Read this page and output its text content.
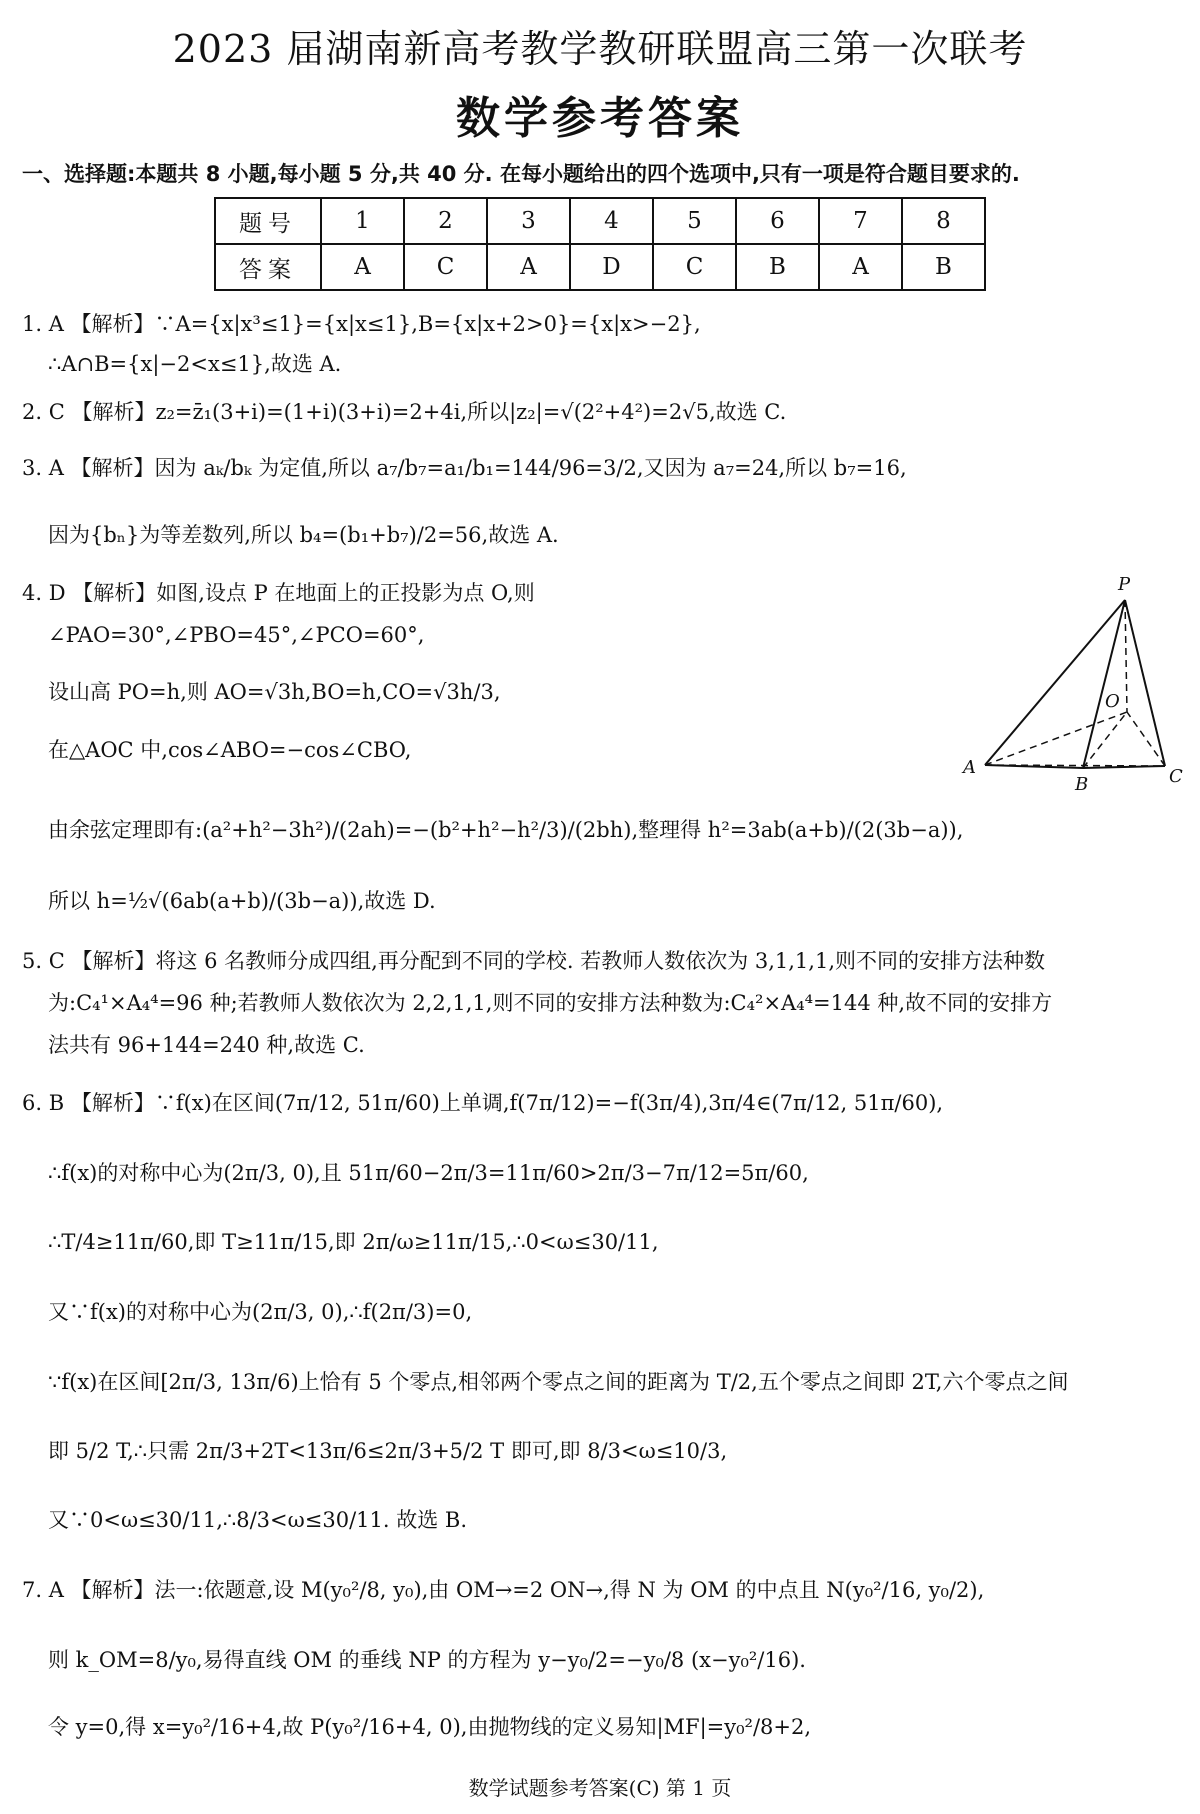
2023 届湖南新高考教学教研联盟高三第一次联考
数学参考答案
一、选择题:本题共 8 小题,每小题 5 分,共 40 分. 在每小题给出的四个选项中,只有一项是符合题目要求的.
题号	1	2	3	4	5	6	7	8
答案	A	C	A	D	C	B	A	B
1. A 【解析】∵A={x|x³≤1}={x|x≤1},B={x|x+2>0}={x|x>−2},
∴A∩B={x|−2<x≤1},故选 A.
2. C 【解析】z₂=z̄₁(3+i)=(1+i)(3+i)=2+4i,所以|z₂|=√(2²+4²)=2√5,故选 C.
3. A 【解析】因为 aₖ/bₖ 为定值,所以 a₇/b₇=a₁/b₁=144/96=3/2,又因为 a₇=24,所以 b₇=16,
因为{bₙ}为等差数列,所以 b₄=(b₁+b₇)/2=56,故选 A.
4. D 【解析】如图,设点 P 在地面上的正投影为点 O,则
∠PAO=30°,∠PBO=45°,∠PCO=60°,
设山高 PO=h,则 AO=√3h,BO=h,CO=√3h/3,
在△AOC 中,cos∠ABO=−cos∠CBO,
由余弦定理即有:(a²+h²−3h²)/(2ah)=−(b²+h²−h²/3)/(2bh),整理得 h²=3ab(a+b)/(2(3b−a)),
所以 h=½√(6ab(a+b)/(3b−a)),故选 D.
5. C 【解析】将这 6 名教师分成四组,再分配到不同的学校. 若教师人数依次为 3,1,1,1,则不同的安排方法种数
为:C₄¹×A₄⁴=96 种;若教师人数依次为 2,2,1,1,则不同的安排方法种数为:C₄²×A₄⁴=144 种,故不同的安排方
法共有 96+144=240 种,故选 C.
6. B 【解析】∵f(x)在区间(7π/12, 51π/60)上单调,f(7π/12)=−f(3π/4),3π/4∈(7π/12, 51π/60),
∴f(x)的对称中心为(2π/3, 0),且 51π/60−2π/3=11π/60>2π/3−7π/12=5π/60,
∴T/4≥11π/60,即 T≥11π/15,即 2π/ω≥11π/15,∴0<ω≤30/11,
又∵f(x)的对称中心为(2π/3, 0),∴f(2π/3)=0,
∵f(x)在区间[2π/3, 13π/6)上恰有 5 个零点,相邻两个零点之间的距离为 T/2,五个零点之间即 2T,六个零点之间
即 5/2 T,∴只需 2π/3+2T<13π/6≤2π/3+5/2 T 即可,即 8/3<ω≤10/3,
又∵0<ω≤30/11,∴8/3<ω≤30/11. 故选 B.
7. A 【解析】法一:依题意,设 M(y₀²/8, y₀),由 OM→=2 ON→,得 N 为 OM 的中点且 N(y₀²/16, y₀/2),
则 k_OM=8/y₀,易得直线 OM 的垂线 NP 的方程为 y−y₀/2=−y₀/8 (x−y₀²/16).
令 y=0,得 x=y₀²/16+4,故 P(y₀²/16+4, 0),由抛物线的定义易知|MF|=y₀²/8+2,
P
O
A
B	C
数学试题参考答案(C) 第 1 页
